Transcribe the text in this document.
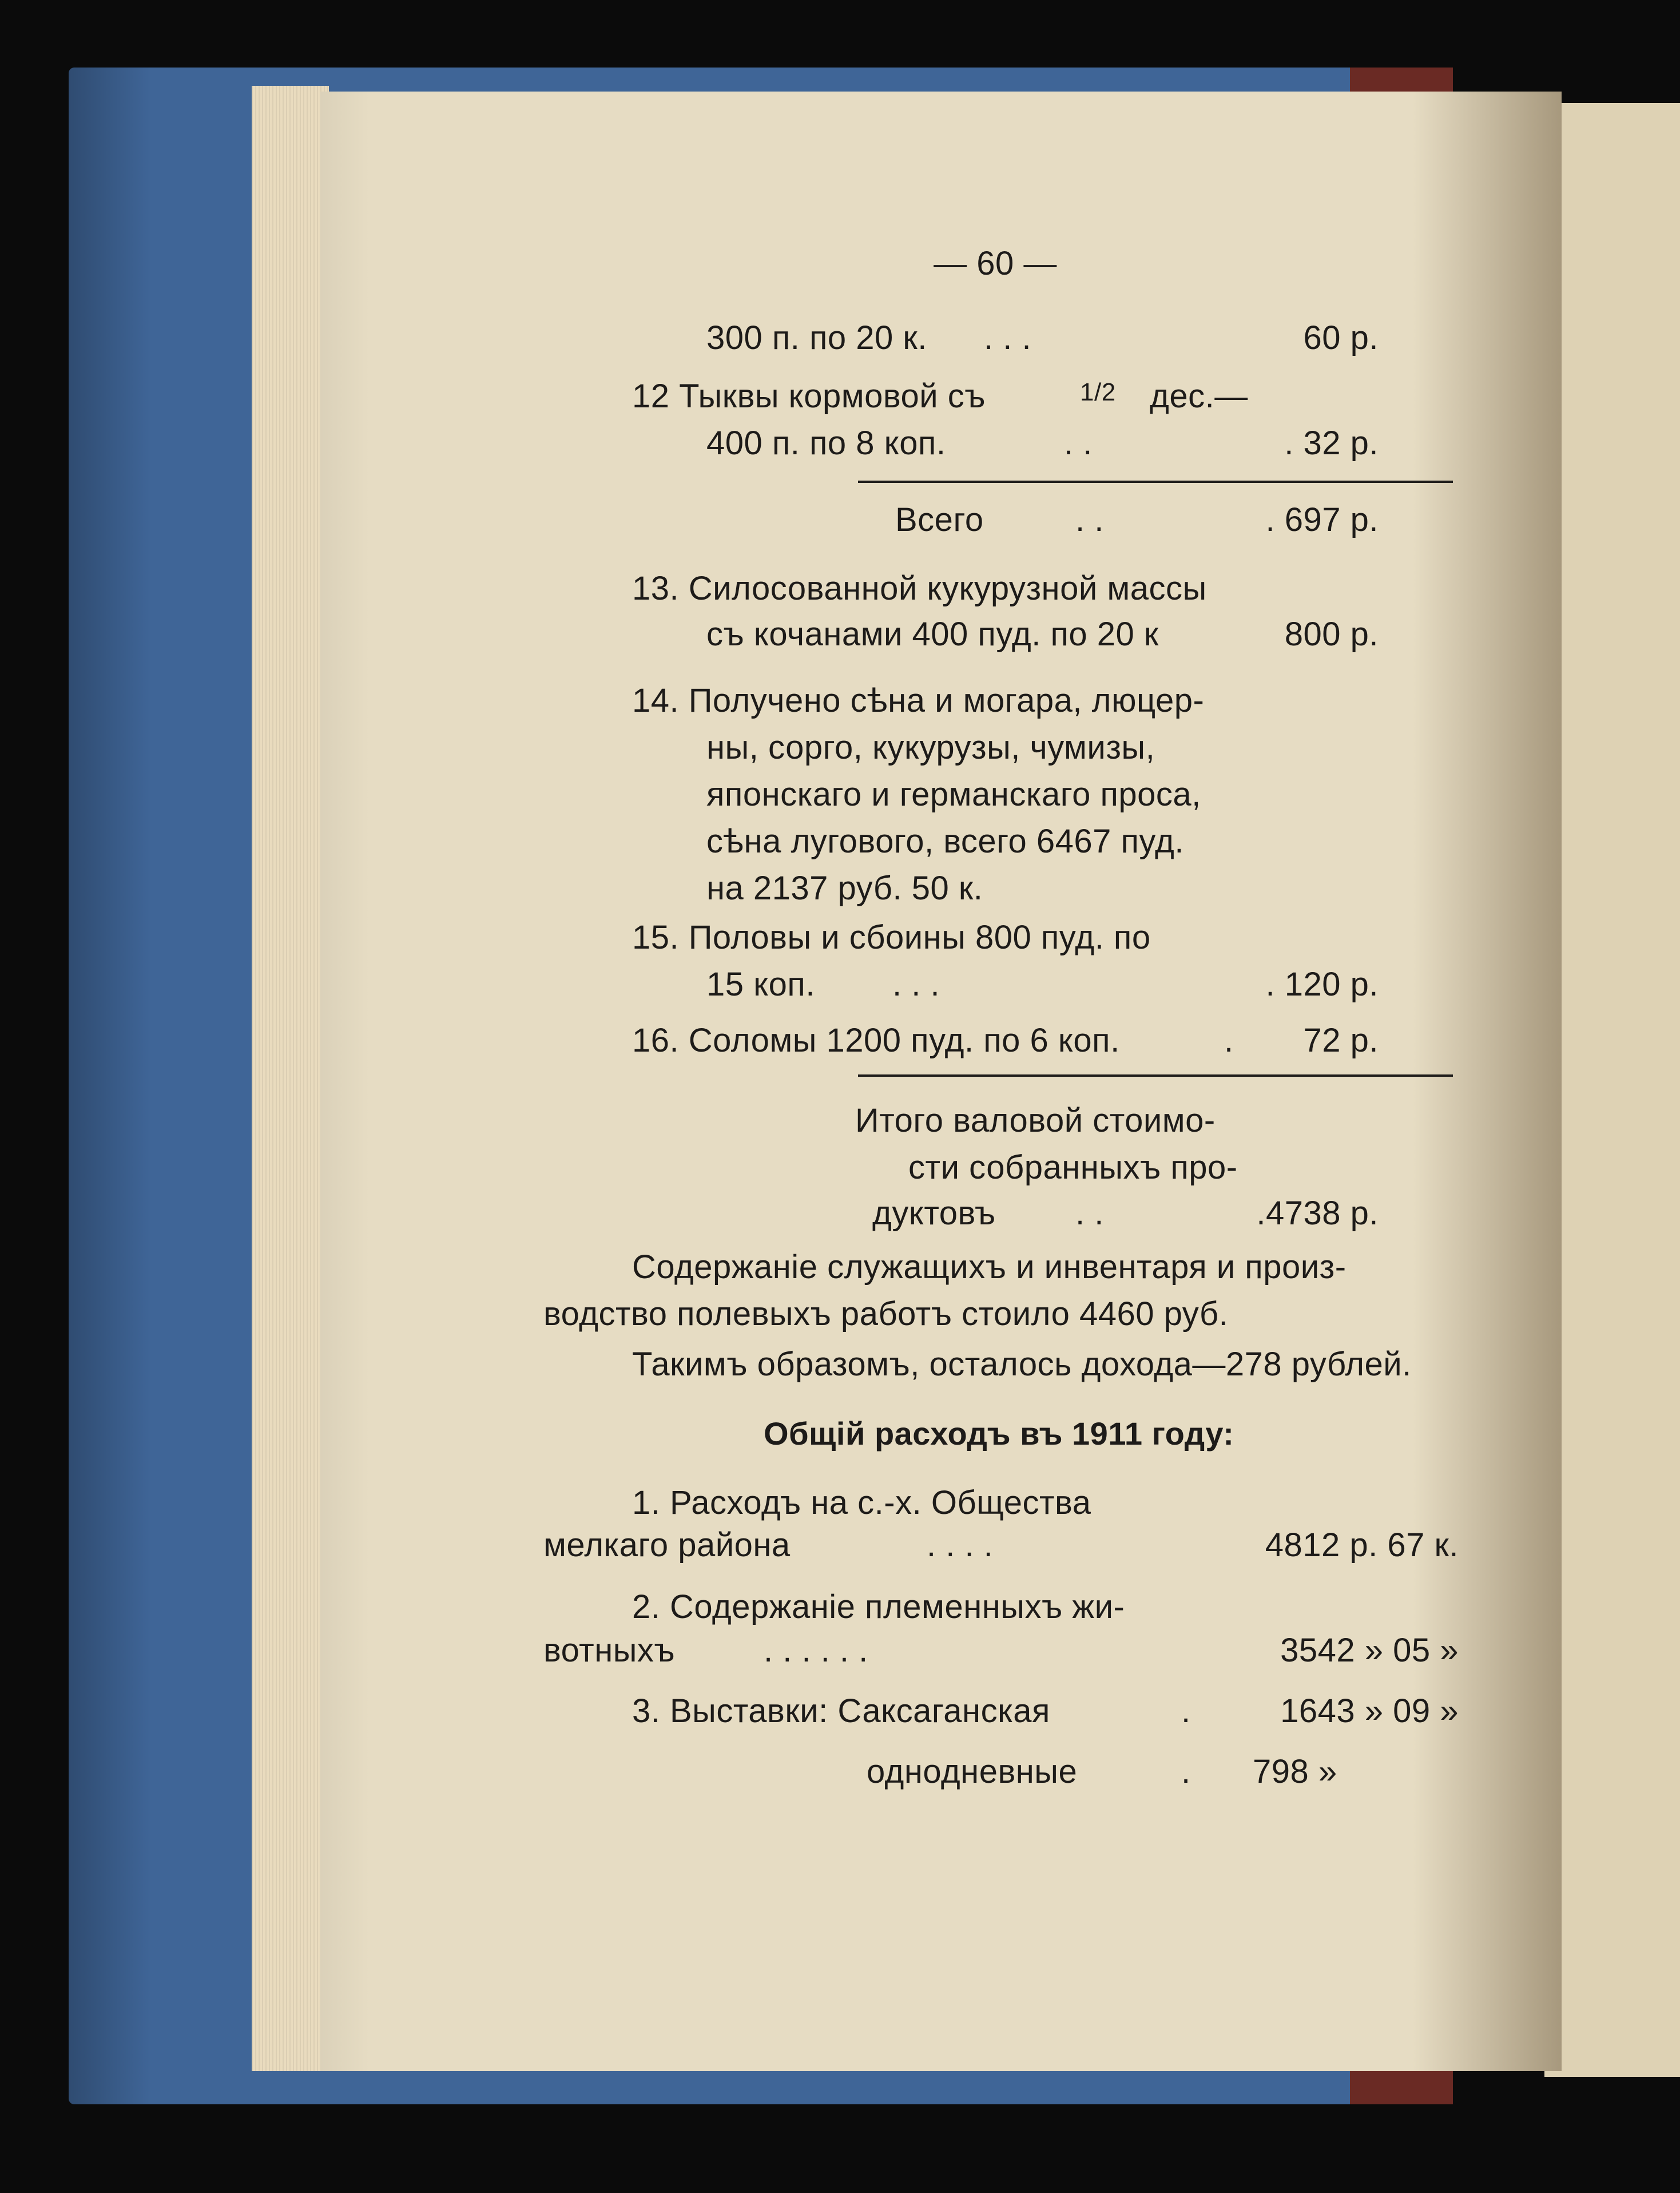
— 60 —
300 п. по 20 к. . . .	60 р.
12 Тыквы кормовой съ	1/2 дес.—
400 п. по 8 коп.	. .	. 32 р.
Всего	. .	. 697 р.
13. Силосованной кукурузной массы
съ кочанами 400 пуд. по 20 к	800 р.
14. Получено сѣна и могара, люцер-
ны, сорго, кукурузы, чумизы,
японскаго и германскаго проса,
сѣна лугового, всего 6467 пуд.
на 2137 руб. 50 к.
15. Половы и сбоины 800 пуд. по
15 коп. . . .	. 120 р.
16. Соломы 1200 пуд. по 6 коп.	.	72 р.
Итого валовой стоимо-
сти собранныхъ про-
дуктовъ . .	.4738 р.
Содержаніе служащихъ и инвентаря и произ-
водство полевыхъ работъ стоило 4460 руб.
Такимъ образомъ, осталось дохода—278 рублей.
Общій расходъ въ 1911 году:
1. Расходъ на с.-х. Общества
мелкаго района	. . . .	4812 р. 67 к.
2. Содержаніе племенныхъ жи-
вотныхъ	. . . . . .	3542 » 05 »
3. Выставки: Саксаганская	.	1643 » 09 »
однодневные	. 798 »
